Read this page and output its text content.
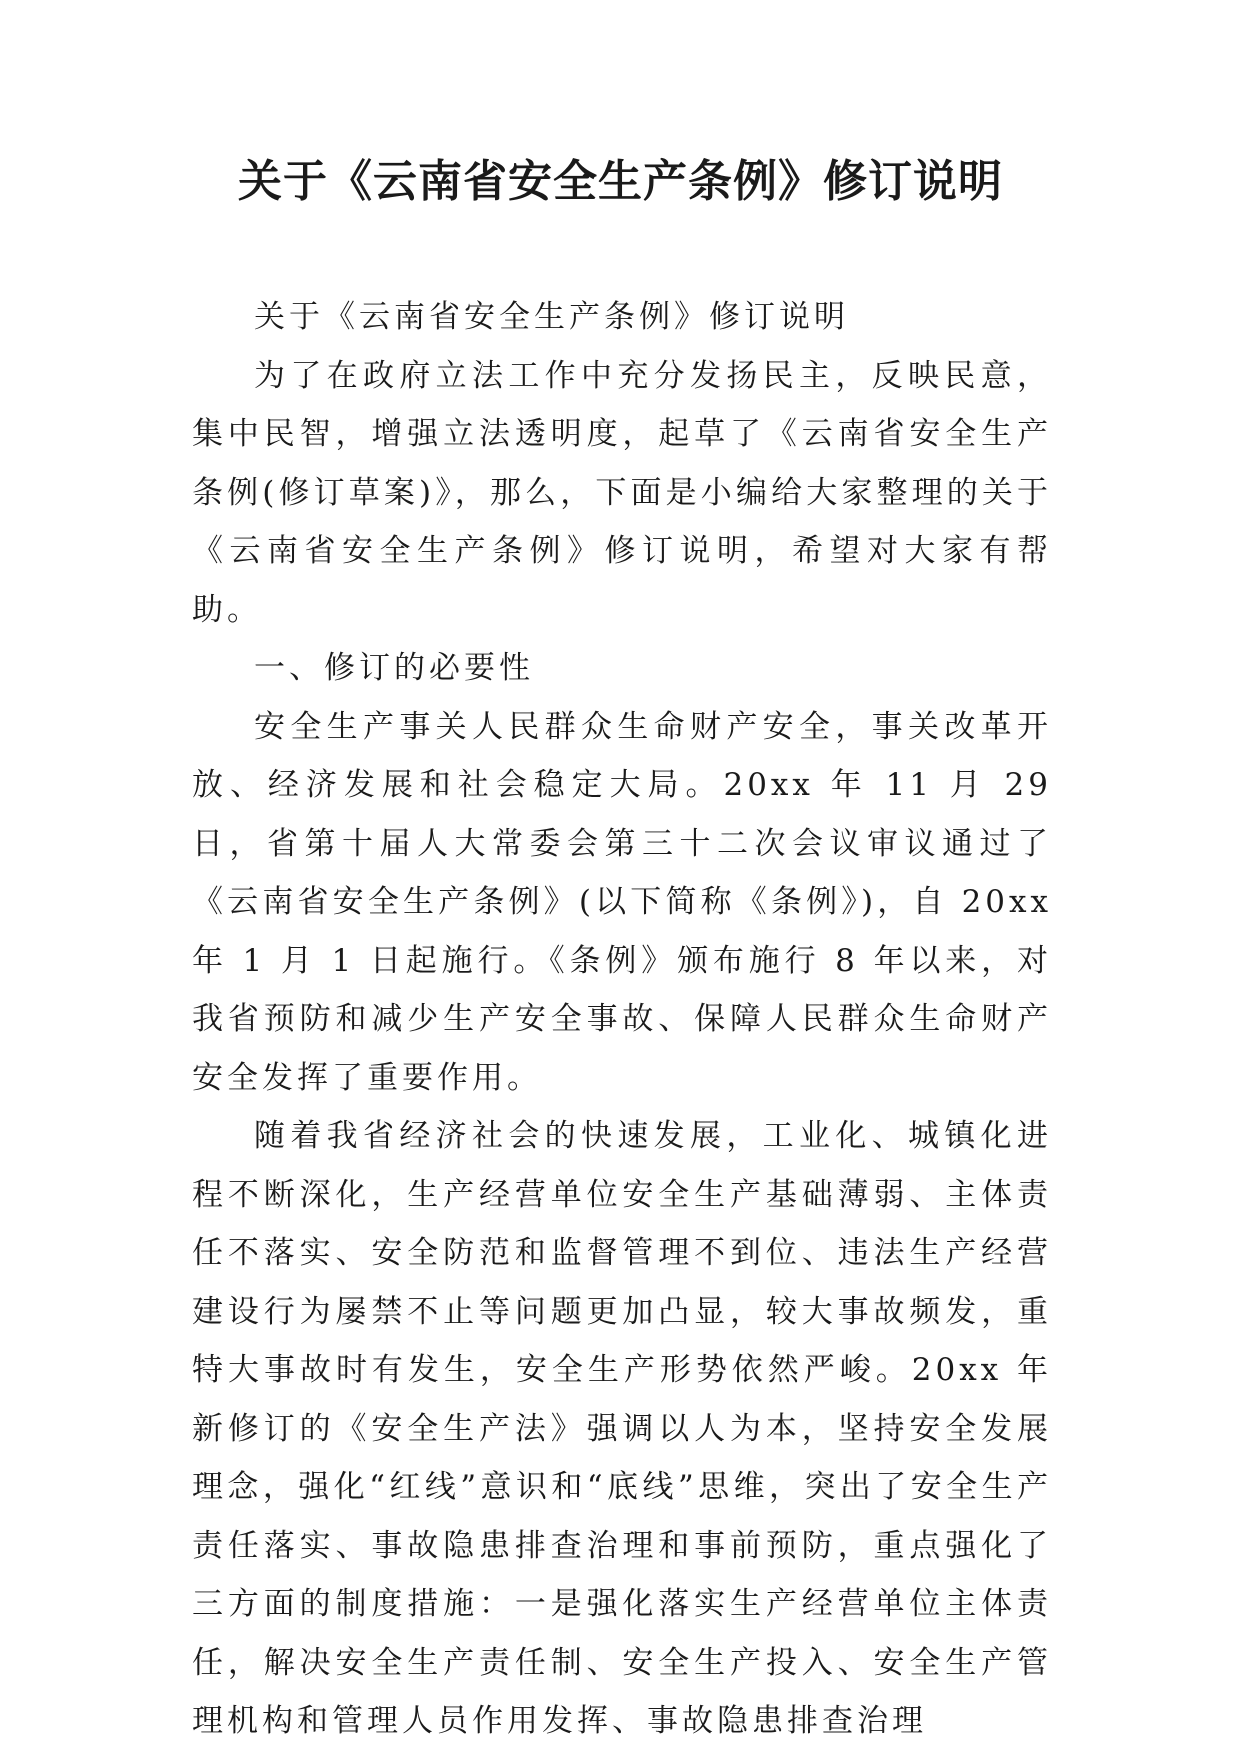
关于《云南省安全生产条例》修订说明

关于《云南省安全生产条例》修订说明

为了在政府立法工作中充分发扬民主，反映民意，集中民智，增强立法透明度，起草了《云南省安全生产条例(修订草案)》，那么，下面是小编给大家整理的关于《云南省安全生产条例》修订说明，希望对大家有帮助。

一、修订的必要性

安全生产事关人民群众生命财产安全，事关改革开放、经济发展和社会稳定大局。20xx 年 11 月 29 日，省第十届人大常委会第三十二次会议审议通过了《云南省安全生产条例》(以下简称《条例》)，自 20xx 年 1 月 1 日起施行。《条例》颁布施行 8 年以来，对我省预防和减少生产安全事故、保障人民群众生命财产安全发挥了重要作用。

随着我省经济社会的快速发展，工业化、城镇化进程不断深化，生产经营单位安全生产基础薄弱、主体责任不落实、安全防范和监督管理不到位、违法生产经营建设行为屡禁不止等问题更加凸显，较大事故频发，重特大事故时有发生，安全生产形势依然严峻。20xx 年新修订的《安全生产法》强调以人为本，坚持安全发展理念，强化“红线”意识和“底线”思维，突出了安全生产责任落实、事故隐患排查治理和事前预防，重点强化了三方面的制度措施：一是强化落实生产经营单位主体责任，解决安全生产责任制、安全生产投入、安全生产管理机构和管理人员作用发挥、事故隐患排查治理
